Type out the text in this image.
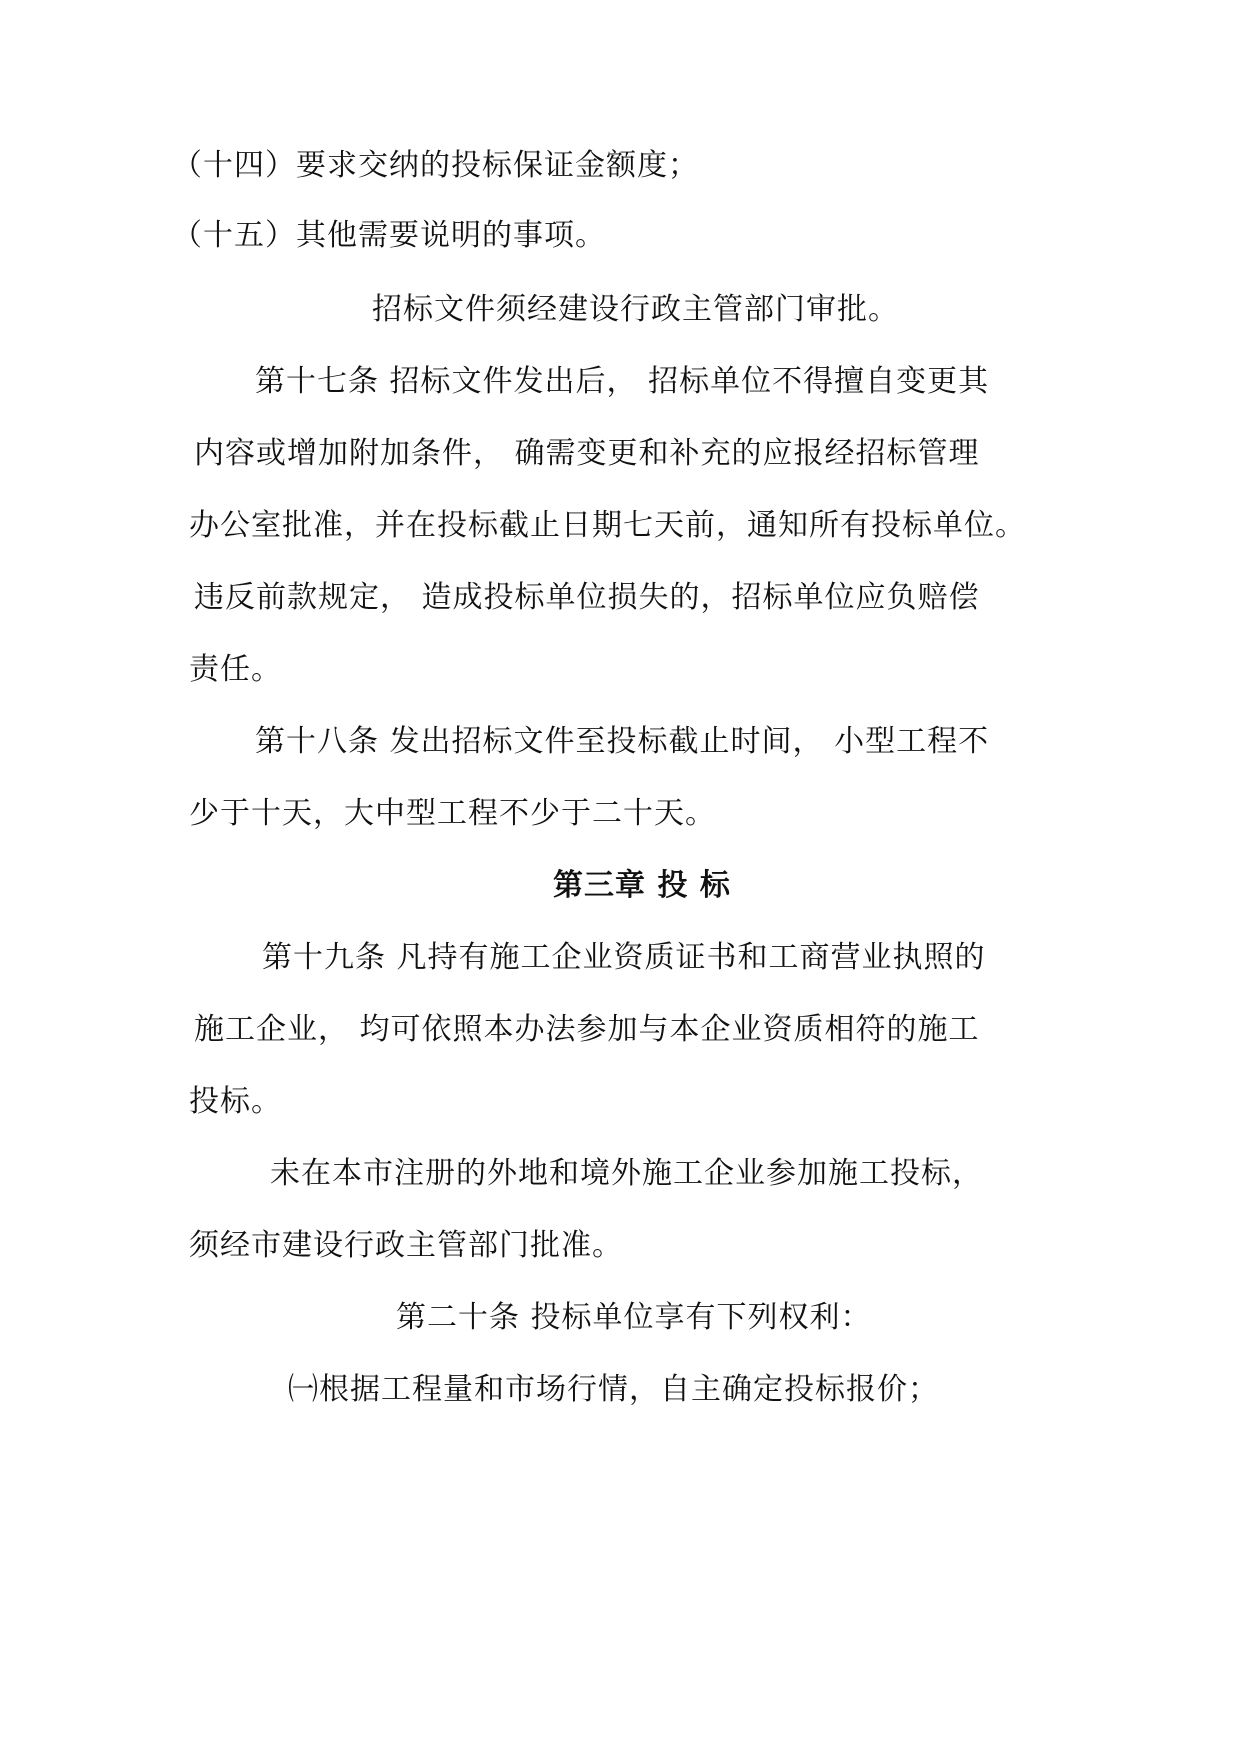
（十四）要求交纳的投标保证金额度；
（十五）其他需要说明的事项。
招标文件须经建设行政主管部门审批。
第十七条 招标文件发出后， 招标单位不得擅自变更其
内容或增加附加条件， 确需变更和补充的应报经招标管理
办公室批准，并在投标截止日期七天前，通知所有投标单位。
违反前款规定， 造成投标单位损失的，招标单位应负赔偿
责任。
第十八条 发出招标文件至投标截止时间， 小型工程不
少于十天，大中型工程不少于二十天。
第三章 投 标
第十九条 凡持有施工企业资质证书和工商营业执照的
施工企业， 均可依照本办法参加与本企业资质相符的施工
投标。
未在本市注册的外地和境外施工企业参加施工投标，
须经市建设行政主管部门批准。
第二十条 投标单位享有下列权利：
㈠根据工程量和市场行情，自主确定投标报价；
